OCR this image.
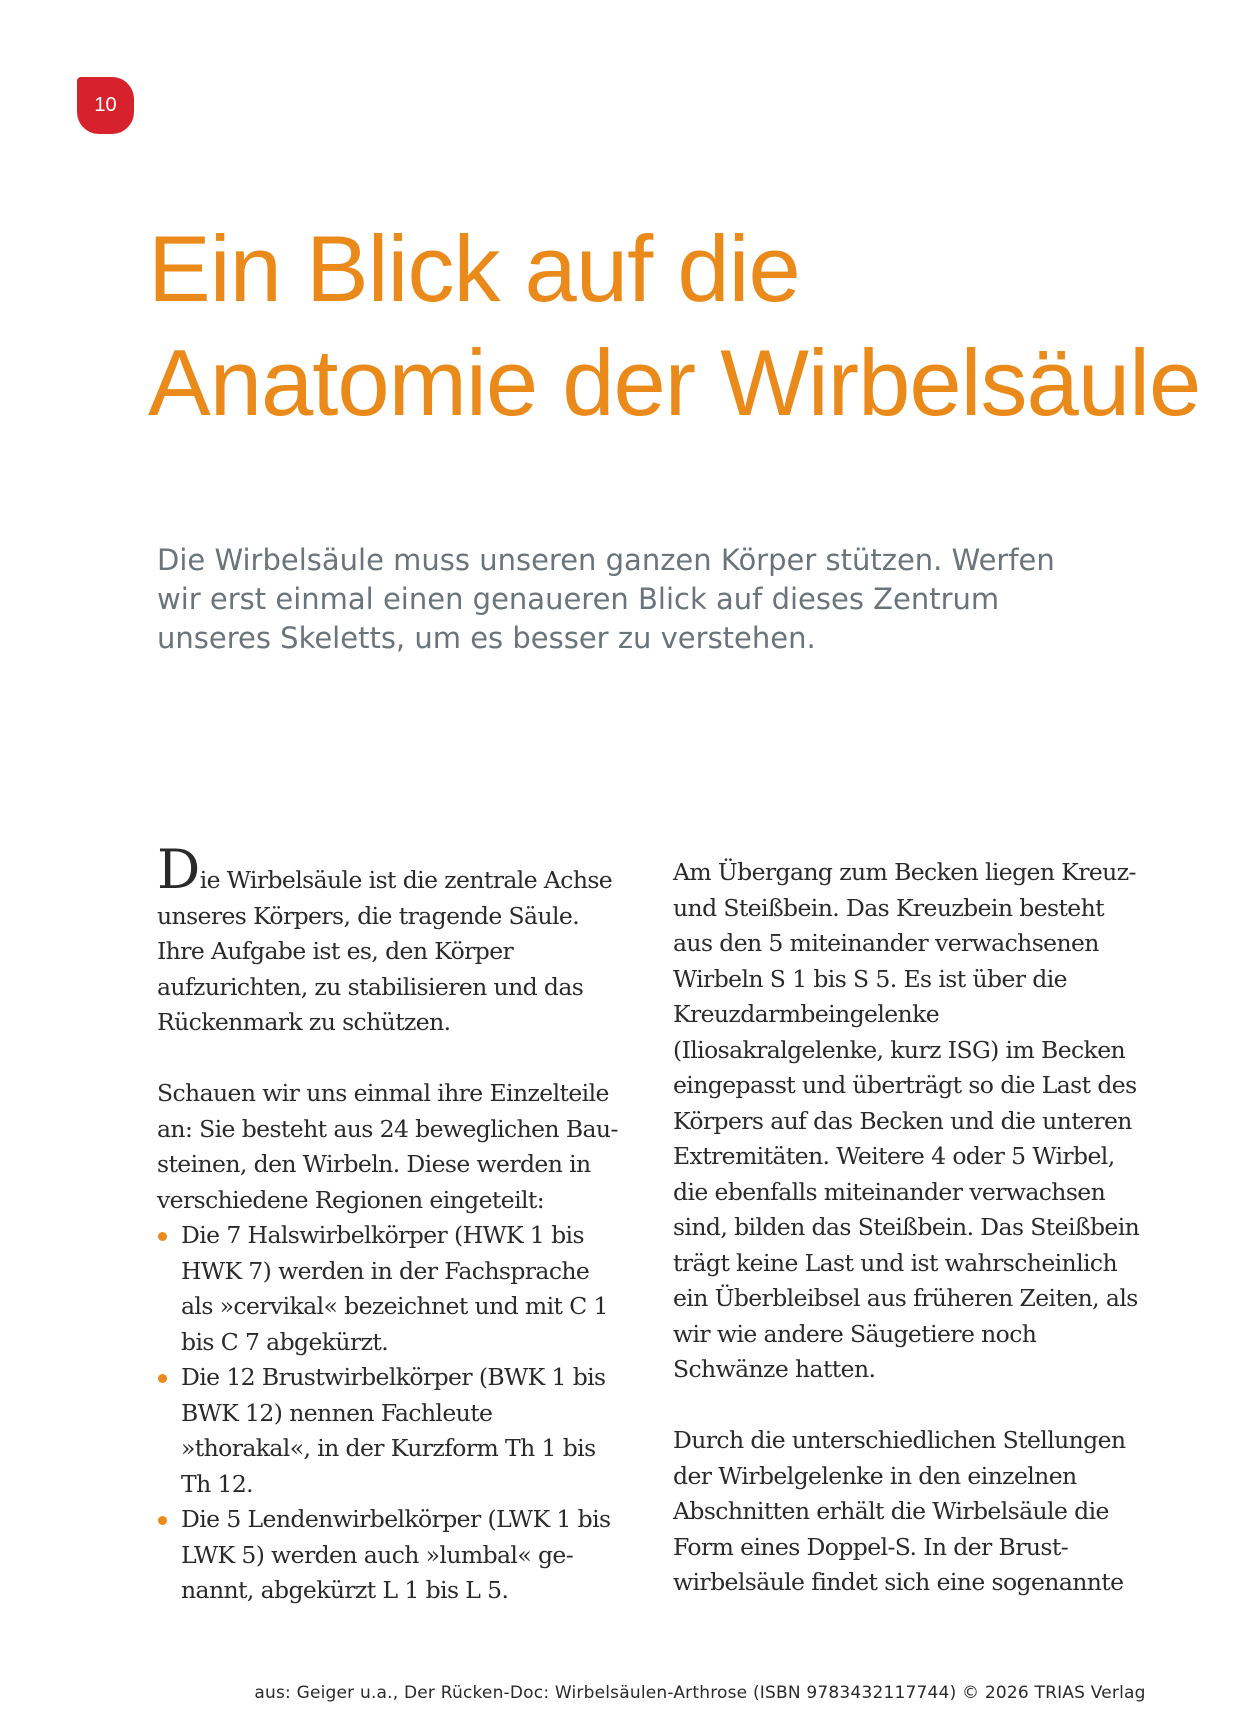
10
Ein Blick auf die
Anatomie der Wirbelsäule

Die Wirbelsäule muss unseren ganzen Körper stützen. Werfen wir erst einmal einen genaueren Blick auf dieses Zentrum unseres Skeletts, um es besser zu verstehen.

Die Wirbelsäule ist die zentrale Achse unseres Körpers, die tragende Säule. Ihre Aufgabe ist es, den Körper aufzurichten, zu stabilisieren und das Rückenmark zu schützen.

Schauen wir uns einmal ihre Einzelteile an: Sie besteht aus 24 beweglichen Bausteinen, den Wirbeln. Diese werden in verschiedene Regionen eingeteilt:

Die 7 Halswirbelkörper (HWK 1 bis HWK 7) werden in der Fachsprache als »cervikal« bezeichnet und mit C 1 bis C 7 abgekürzt.
Die 12 Brustwirbelkörper (BWK 1 bis BWK 12) nennen Fachleute »thorakal«, in der Kurzform Th 1 bis Th 12.
Die 5 Lendenwirbelkörper (LWK 1 bis LWK 5) werden auch »lumbal« genannt, abgekürzt L 1 bis L 5.

Am Übergang zum Becken liegen Kreuz- und Steißbein. Das Kreuzbein besteht aus den 5 miteinander verwachsenen Wirbeln S 1 bis S 5. Es ist über die Kreuzdarmbeingelenke (Iliosakralgelenke, kurz ISG) im Becken eingepasst und überträgt so die Last des Körpers auf das Becken und die unteren Extremitäten. Weitere 4 oder 5 Wirbel, die ebenfalls miteinander verwachsen sind, bilden das Steißbein. Das Steißbein trägt keine Last und ist wahrscheinlich ein Überbleibsel aus früheren Zeiten, als wir wie andere Säugetiere noch Schwänze hatten.

Durch die unterschiedlichen Stellungen der Wirbelgelenke in den einzelnen Abschnitten erhält die Wirbelsäule die Form eines Doppel-S. In der Brustwirbelsäule findet sich eine sogenannte

aus: Geiger u.a., Der Rücken-Doc: Wirbelsäulen-Arthrose (ISBN 9783432117744) © 2026 TRIAS Verlag
